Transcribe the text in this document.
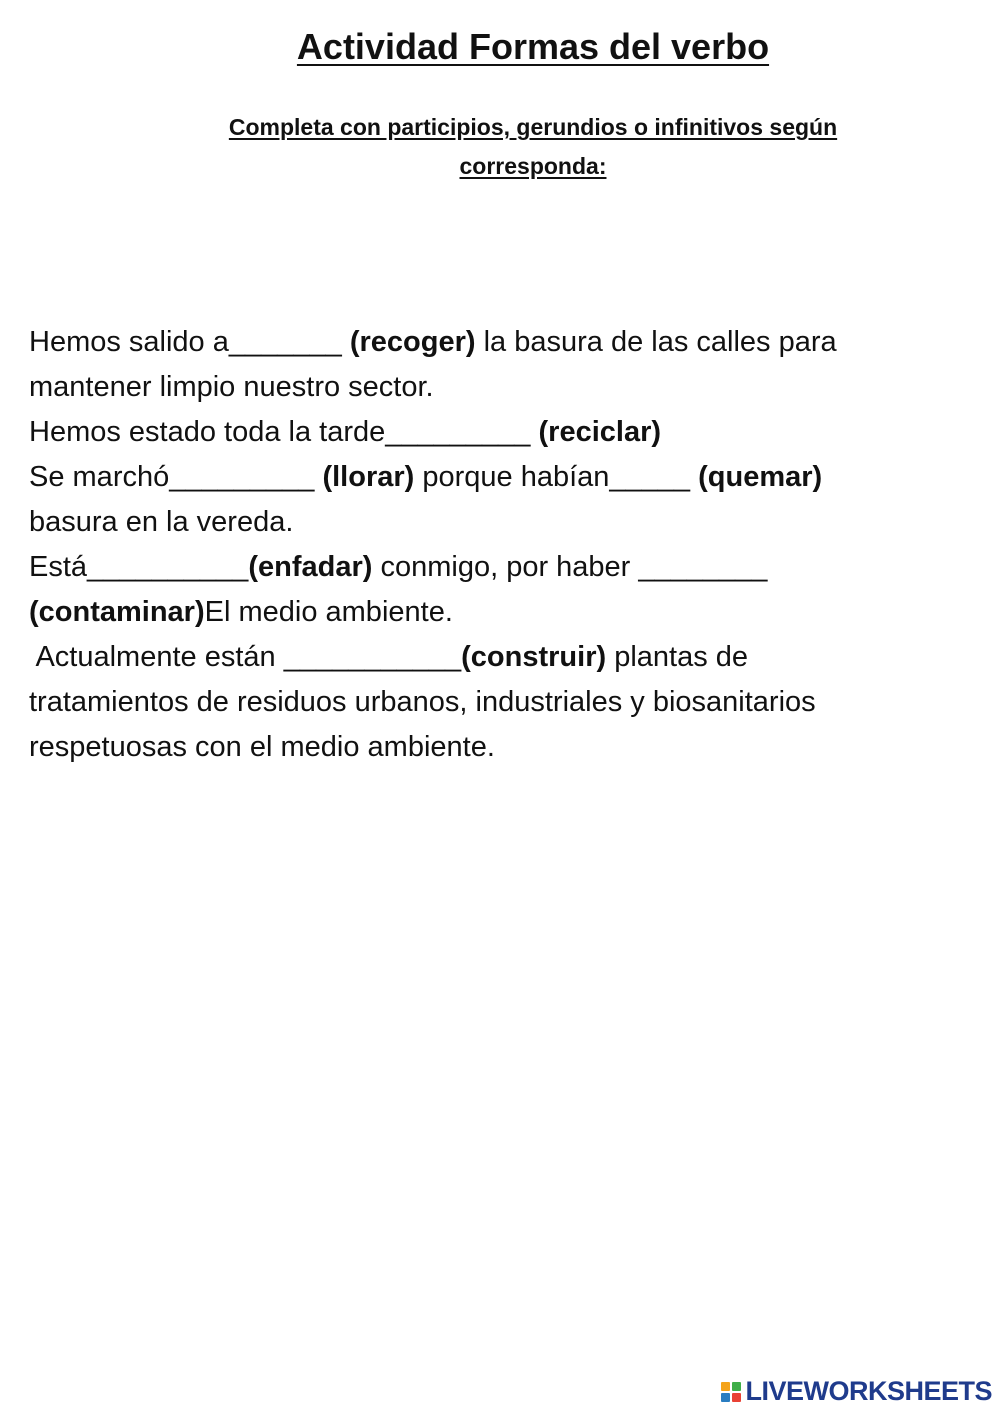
Actividad Formas del verbo
Completa con participios, gerundios o infinitivos según
corresponda:
Hemos salido a_______ (recoger) la basura de las calles para
mantener limpio nuestro sector.
Hemos estado toda la tarde_________ (reciclar)
Se marchó_________ (llorar) porque habían_____ (quemar)
basura en la vereda.
Está__________(enfadar) conmigo, por haber ________
(contaminar)El medio ambiente.
Actualmente están ___________(construir) plantas de
tratamientos de residuos urbanos, industriales y biosanitarios
respetuosas con el medio ambiente.
LIVEWORKSHEETS
